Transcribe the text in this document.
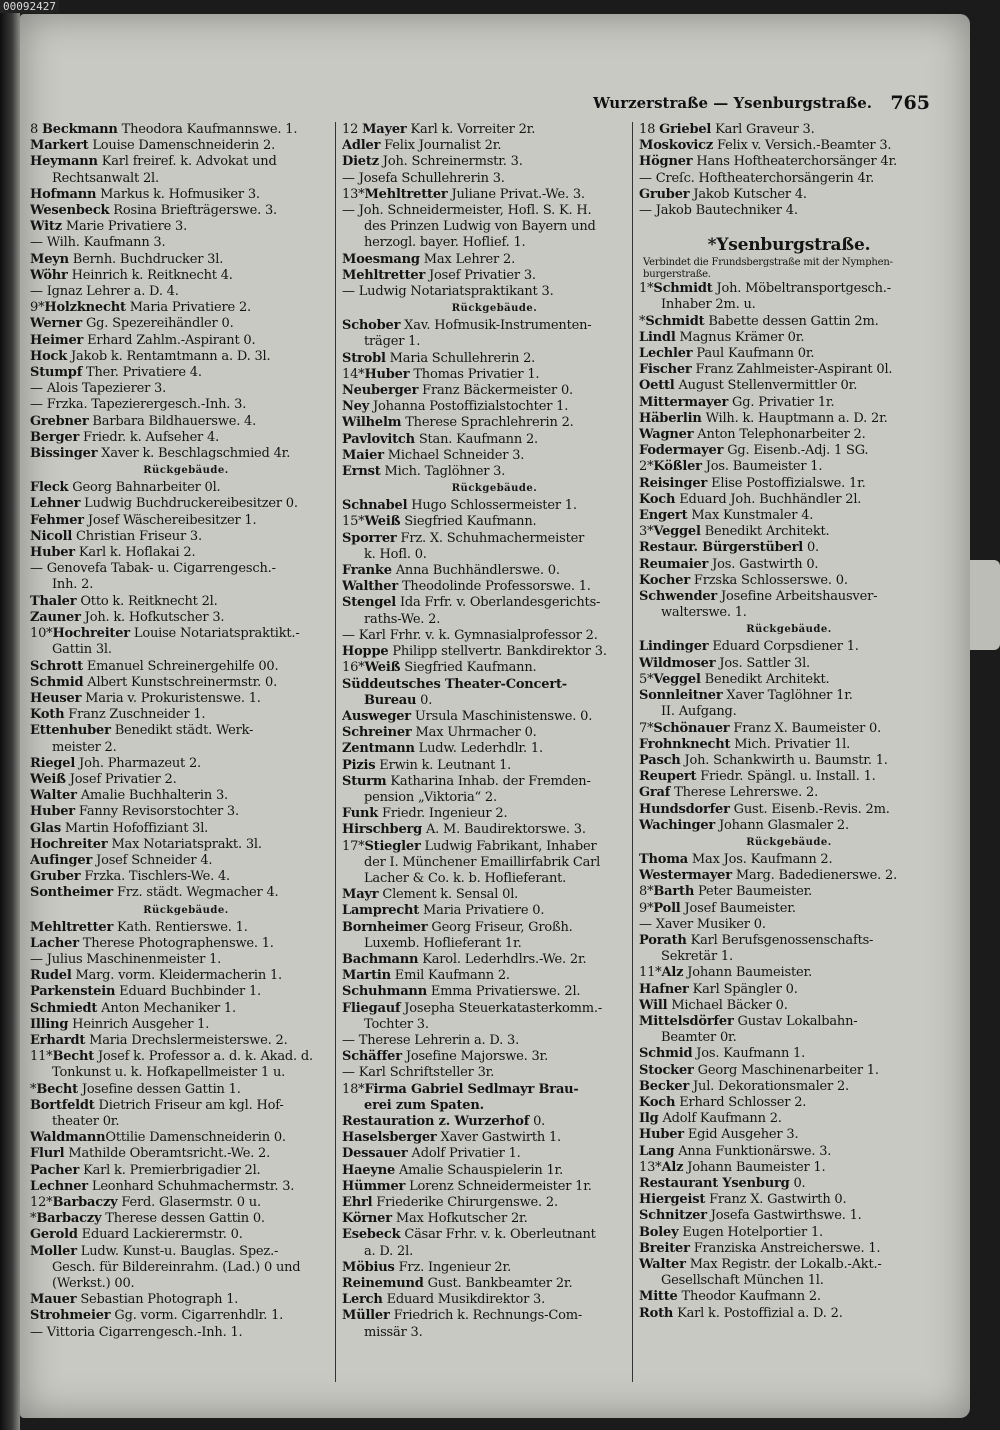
00092427
Wurzerstraße — Ysenburgstraße. 765
8 Beckmann Theodora Kaufmannswe. 1.
Markert Louise Damenschneiderin 2.
Heymann Karl freiref. k. Advokat und
Rechtsanwalt 2l.
Hofmann Markus k. Hofmusiker 3.
Wesenbeck Rosina Briefträgerswe. 3.
Witz Marie Privatiere 3.
— Wilh. Kaufmann 3.
Meyn Bernh. Buchdrucker 3l.
Wöhr Heinrich k. Reitknecht 4.
— Ignaz Lehrer a. D. 4.
9*Holzknecht Maria Privatiere 2.
Werner Gg. Spezereihändler 0.
Heimer Erhard Zahlm.-Aspirant 0.
Hock Jakob k. Rentamtmann a. D. 3l.
Stumpf Ther. Privatiere 4.
— Alois Tapezierer 3.
— Frzka. Tapezierergesch.-Inh. 3.
Grebner Barbara Bildhauerswe. 4.
Berger Friedr. k. Aufseher 4.
Bissinger Xaver k. Beschlagschmied 4r.
Rückgebäude.
Fleck Georg Bahnarbeiter 0l.
Lehner Ludwig Buchdruckereibesitzer 0.
Fehmer Josef Wäschereibesitzer 1.
Nicoll Christian Friseur 3.
Huber Karl k. Hoflakai 2.
— Genovefa Tabak- u. Cigarrengesch.-
Inh. 2.
Thaler Otto k. Reitknecht 2l.
Zauner Joh. k. Hofkutscher 3.
10*Hochreiter Louise Notariatspraktikt.-
Gattin 3l.
Schrott Emanuel Schreinergehilfe 00.
Schmid Albert Kunstschreinermstr. 0.
Heuser Maria v. Prokuristenswe. 1.
Koth Franz Zuschneider 1.
Ettenhuber Benedikt städt. Werk-
meister 2.
Riegel Joh. Pharmazeut 2.
Weiß Josef Privatier 2.
Walter Amalie Buchhalterin 3.
Huber Fanny Revisorstochter 3.
Glas Martin Hofoffiziant 3l.
Hochreiter Max Notariatsprakt. 3l.
Aufinger Josef Schneider 4.
Gruber Frzka. Tischlers-We. 4.
Sontheimer Frz. städt. Wegmacher 4.
Rückgebäude.
Mehltretter Kath. Rentierswe. 1.
Lacher Therese Photographenswe. 1.
— Julius Maschinenmeister 1.
Rudel Marg. vorm. Kleidermacherin 1.
Parkenstein Eduard Buchbinder 1.
Schmiedt Anton Mechaniker 1.
Illing Heinrich Ausgeher 1.
Erhardt Maria Drechslermeisterswe. 2.
11*Becht Josef k. Professor a. d. k. Akad. d.
Tonkunst u. k. Hofkapellmeister 1 u.
*Becht Josefine dessen Gattin 1.
Bortfeldt Dietrich Friseur am kgl. Hof-
theater 0r.
WaldmannOttilie Damenschneiderin 0.
Flurl Mathilde Oberamtsricht.-We. 2.
Pacher Karl k. Premierbrigadier 2l.
Lechner Leonhard Schuhmachermstr. 3.
12*Barbaczy Ferd. Glasermstr. 0 u.
*Barbaczy Therese dessen Gattin 0.
Gerold Eduard Lackierermstr. 0.
Moller Ludw. Kunst-u. Bauglas. Spez.-
Gesch. für Bildereinrahm. (Lad.) 0 und
(Werkst.) 00.
Mauer Sebastian Photograph 1.
Strohmeier Gg. vorm. Cigarrenhdlr. 1.
— Vittoria Cigarrengesch.-Inh. 1.
12 Mayer Karl k. Vorreiter 2r.
Adler Felix Journalist 2r.
Dietz Joh. Schreinermstr. 3.
— Josefa Schullehrerin 3.
13*Mehltretter Juliane Privat.-We. 3.
— Joh. Schneidermeister, Hofl. S. K. H.
des Prinzen Ludwig von Bayern und
herzogl. bayer. Hoflief. 1.
Moesmang Max Lehrer 2.
Mehltretter Josef Privatier 3.
— Ludwig Notariatspraktikant 3.
Rückgebäude.
Schober Xav. Hofmusik-Instrumenten-
träger 1.
Strobl Maria Schullehrerin 2.
14*Huber Thomas Privatier 1.
Neuberger Franz Bäckermeister 0.
Ney Johanna Postoffizialstochter 1.
Wilhelm Therese Sprachlehrerin 2.
Pavlovitch Stan. Kaufmann 2.
Maier Michael Schneider 3.
Ernst Mich. Taglöhner 3.
Rückgebäude.
Schnabel Hugo Schlossermeister 1.
15*Weiß Siegfried Kaufmann.
Sporrer Frz. X. Schuhmachermeister
k. Hofl. 0.
Franke Anna Buchhändlerswe. 0.
Walther Theodolinde Professorswe. 1.
Stengel Ida Frfr. v. Oberlandesgerichts-
raths-We. 2.
— Karl Frhr. v. k. Gymnasialprofessor 2.
Hoppe Philipp stellvertr. Bankdirektor 3.
16*Weiß Siegfried Kaufmann.
Süddeutsches Theater-Concert-
Bureau 0.
Ausweger Ursula Maschinistenswe. 0.
Schreiner Max Uhrmacher 0.
Zentmann Ludw. Lederhdlr. 1.
Pizis Erwin k. Leutnant 1.
Sturm Katharina Inhab. der Fremden-
pension „Viktoria“ 2.
Funk Friedr. Ingenieur 2.
Hirschberg A. M. Baudirektorswe. 3.
17*Stiegler Ludwig Fabrikant, Inhaber
der I. Münchener Emaillirfabrik Carl
Lacher & Co. k. b. Hoflieferant.
Mayr Clement k. Sensal 0l.
Lamprecht Maria Privatiere 0.
Bornheimer Georg Friseur, Großh.
Luxemb. Hoflieferant 1r.
Bachmann Karol. Lederhdlrs.-We. 2r.
Martin Emil Kaufmann 2.
Schuhmann Emma Privatierswe. 2l.
Fliegauf Josepha Steuerkatasterkomm.-
Tochter 3.
— Therese Lehrerin a. D. 3.
Schäffer Josefine Majorswe. 3r.
— Karl Schriftsteller 3r.
18*Firma Gabriel Sedlmayr Brau-
erei zum Spaten.
Restauration z. Wurzerhof 0.
Haselsberger Xaver Gastwirth 1.
Dessauer Adolf Privatier 1.
Haeyne Amalie Schauspielerin 1r.
Hümmer Lorenz Schneidermeister 1r.
Ehrl Friederike Chirurgenswe. 2.
Körner Max Hofkutscher 2r.
Esebeck Cäsar Frhr. v. k. Oberleutnant
a. D. 2l.
Möbius Frz. Ingenieur 2r.
Reinemund Gust. Bankbeamter 2r.
Lerch Eduard Musikdirektor 3.
Müller Friedrich k. Rechnungs-Com-
missär 3.
18 Griebel Karl Graveur 3.
Moskovicz Felix v. Versich.-Beamter 3.
Högner Hans Hoftheaterchorsänger 4r.
— Creſc. Hoftheaterchorsängerin 4r.
Gruber Jakob Kutscher 4.
— Jakob Bautechniker 4.
*Ysenburgstraße.
Verbindet die Frundsbergstraße mit der Nymphen-
burgerstraße.
1*Schmidt Joh. Möbeltransportgesch.-
Inhaber 2m. u.
*Schmidt Babette dessen Gattin 2m.
Lindl Magnus Krämer 0r.
Lechler Paul Kaufmann 0r.
Fischer Franz Zahlmeister-Aspirant 0l.
Oettl August Stellenvermittler 0r.
Mittermayer Gg. Privatier 1r.
Häberlin Wilh. k. Hauptmann a. D. 2r.
Wagner Anton Telephonarbeiter 2.
Fodermayer Gg. Eisenb.-Adj. 1 SG.
2*Kößler Jos. Baumeister 1.
Reisinger Elise Postoffizialswe. 1r.
Koch Eduard Joh. Buchhändler 2l.
Engert Max Kunstmaler 4.
3*Veggel Benedikt Architekt.
Restaur. Bürgerstüberl 0.
Reumaier Jos. Gastwirth 0.
Kocher Frzska Schlosserswe. 0.
Schwender Josefine Arbeitshausver-
walterswe. 1.
Rückgebäude.
Lindinger Eduard Corpsdiener 1.
Wildmoser Jos. Sattler 3l.
5*Veggel Benedikt Architekt.
Sonnleitner Xaver Taglöhner 1r.
II. Aufgang.
7*Schönauer Franz X. Baumeister 0.
Frohnknecht Mich. Privatier 1l.
Pasch Joh. Schankwirth u. Baumstr. 1.
Reupert Friedr. Spängl. u. Install. 1.
Graf Therese Lehrerswe. 2.
Hundsdorfer Gust. Eisenb.-Revis. 2m.
Wachinger Johann Glasmaler 2.
Rückgebäude.
Thoma Max Jos. Kaufmann 2.
Westermayer Marg. Badedienerswe. 2.
8*Barth Peter Baumeister.
9*Poll Josef Baumeister.
— Xaver Musiker 0.
Porath Karl Berufsgenossenschafts-
Sekretär 1.
11*Alz Johann Baumeister.
Hafner Karl Spängler 0.
Will Michael Bäcker 0.
Mittelsdörfer Gustav Lokalbahn-
Beamter 0r.
Schmid Jos. Kaufmann 1.
Stocker Georg Maschinenarbeiter 1.
Becker Jul. Dekorationsmaler 2.
Koch Erhard Schlosser 2.
Ilg Adolf Kaufmann 2.
Huber Egid Ausgeher 3.
Lang Anna Funktionärswe. 3.
13*Alz Johann Baumeister 1.
Restaurant Ysenburg 0.
Hiergeist Franz X. Gastwirth 0.
Schnitzer Josefa Gastwirthswe. 1.
Boley Eugen Hotelportier 1.
Breiter Franziska Anstreicherswe. 1.
Walter Max Registr. der Lokalb.-Akt.-
Gesellschaft München 1l.
Mitte Theodor Kaufmann 2.
Roth Karl k. Postoffizial a. D. 2.
